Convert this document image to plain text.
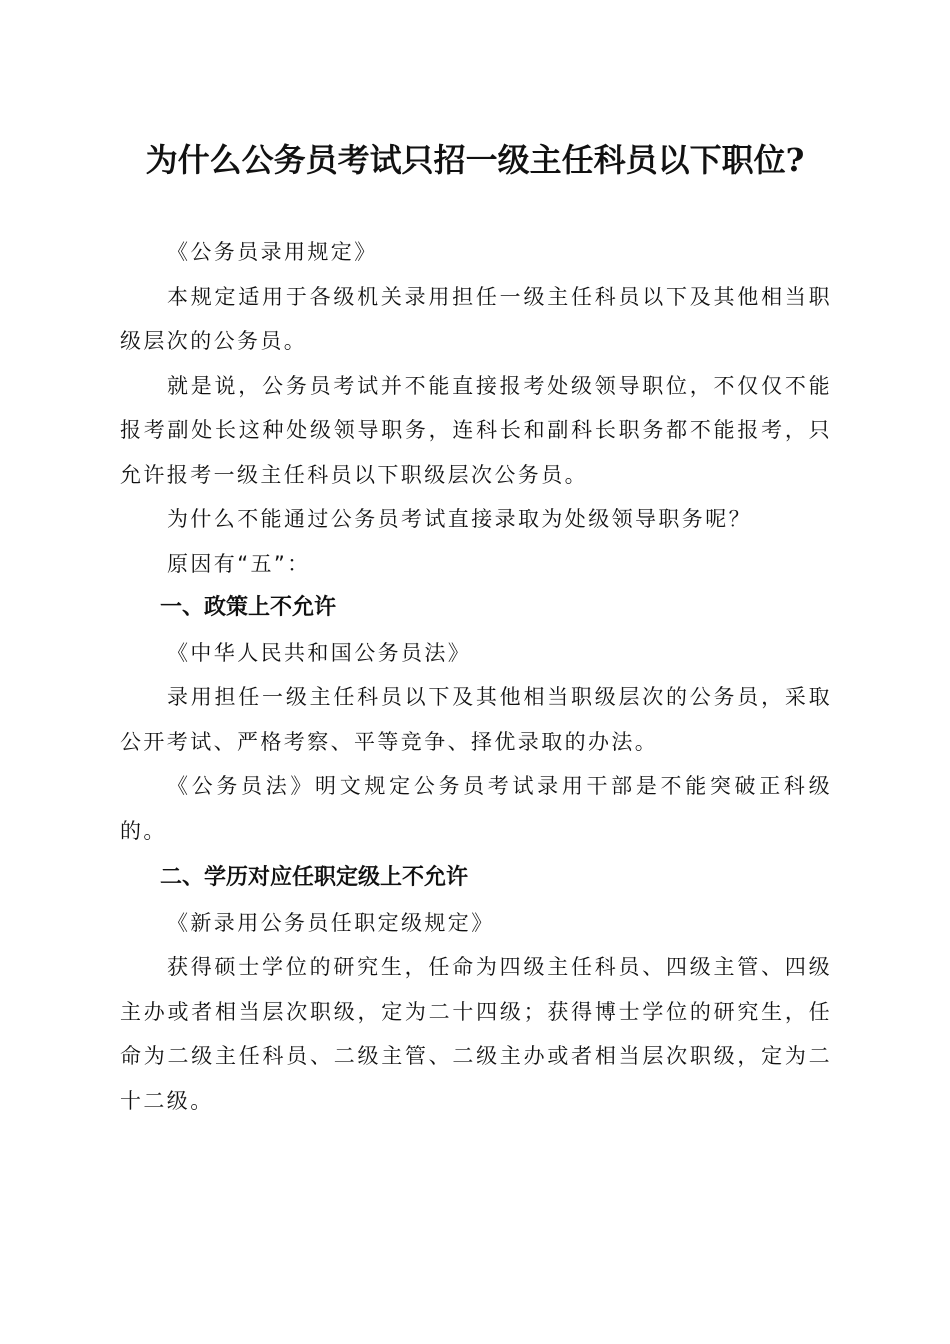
为什么公务员考试只招一级主任科员以下职位?

《公务员录用规定》

本规定适用于各级机关录用担任一级主任科员以下及其他相当职级层次的公务员。

就是说，公务员考试并不能直接报考处级领导职位，不仅仅不能报考副处长这种处级领导职务，连科长和副科长职务都不能报考，只允许报考一级主任科员以下职级层次公务员。

为什么不能通过公务员考试直接录取为处级领导职务呢？

原因有“五”：

一、政策上不允许

《中华人民共和国公务员法》

录用担任一级主任科员以下及其他相当职级层次的公务员，采取公开考试、严格考察、平等竞争、择优录取的办法。

《公务员法》明文规定公务员考试录用干部是不能突破正科级的。

二、学历对应任职定级上不允许

《新录用公务员任职定级规定》

获得硕士学位的研究生，任命为四级主任科员、四级主管、四级主办或者相当层次职级，定为二十四级；获得博士学位的研究生，任命为二级主任科员、二级主管、二级主办或者相当层次职级，定为二十二级。
